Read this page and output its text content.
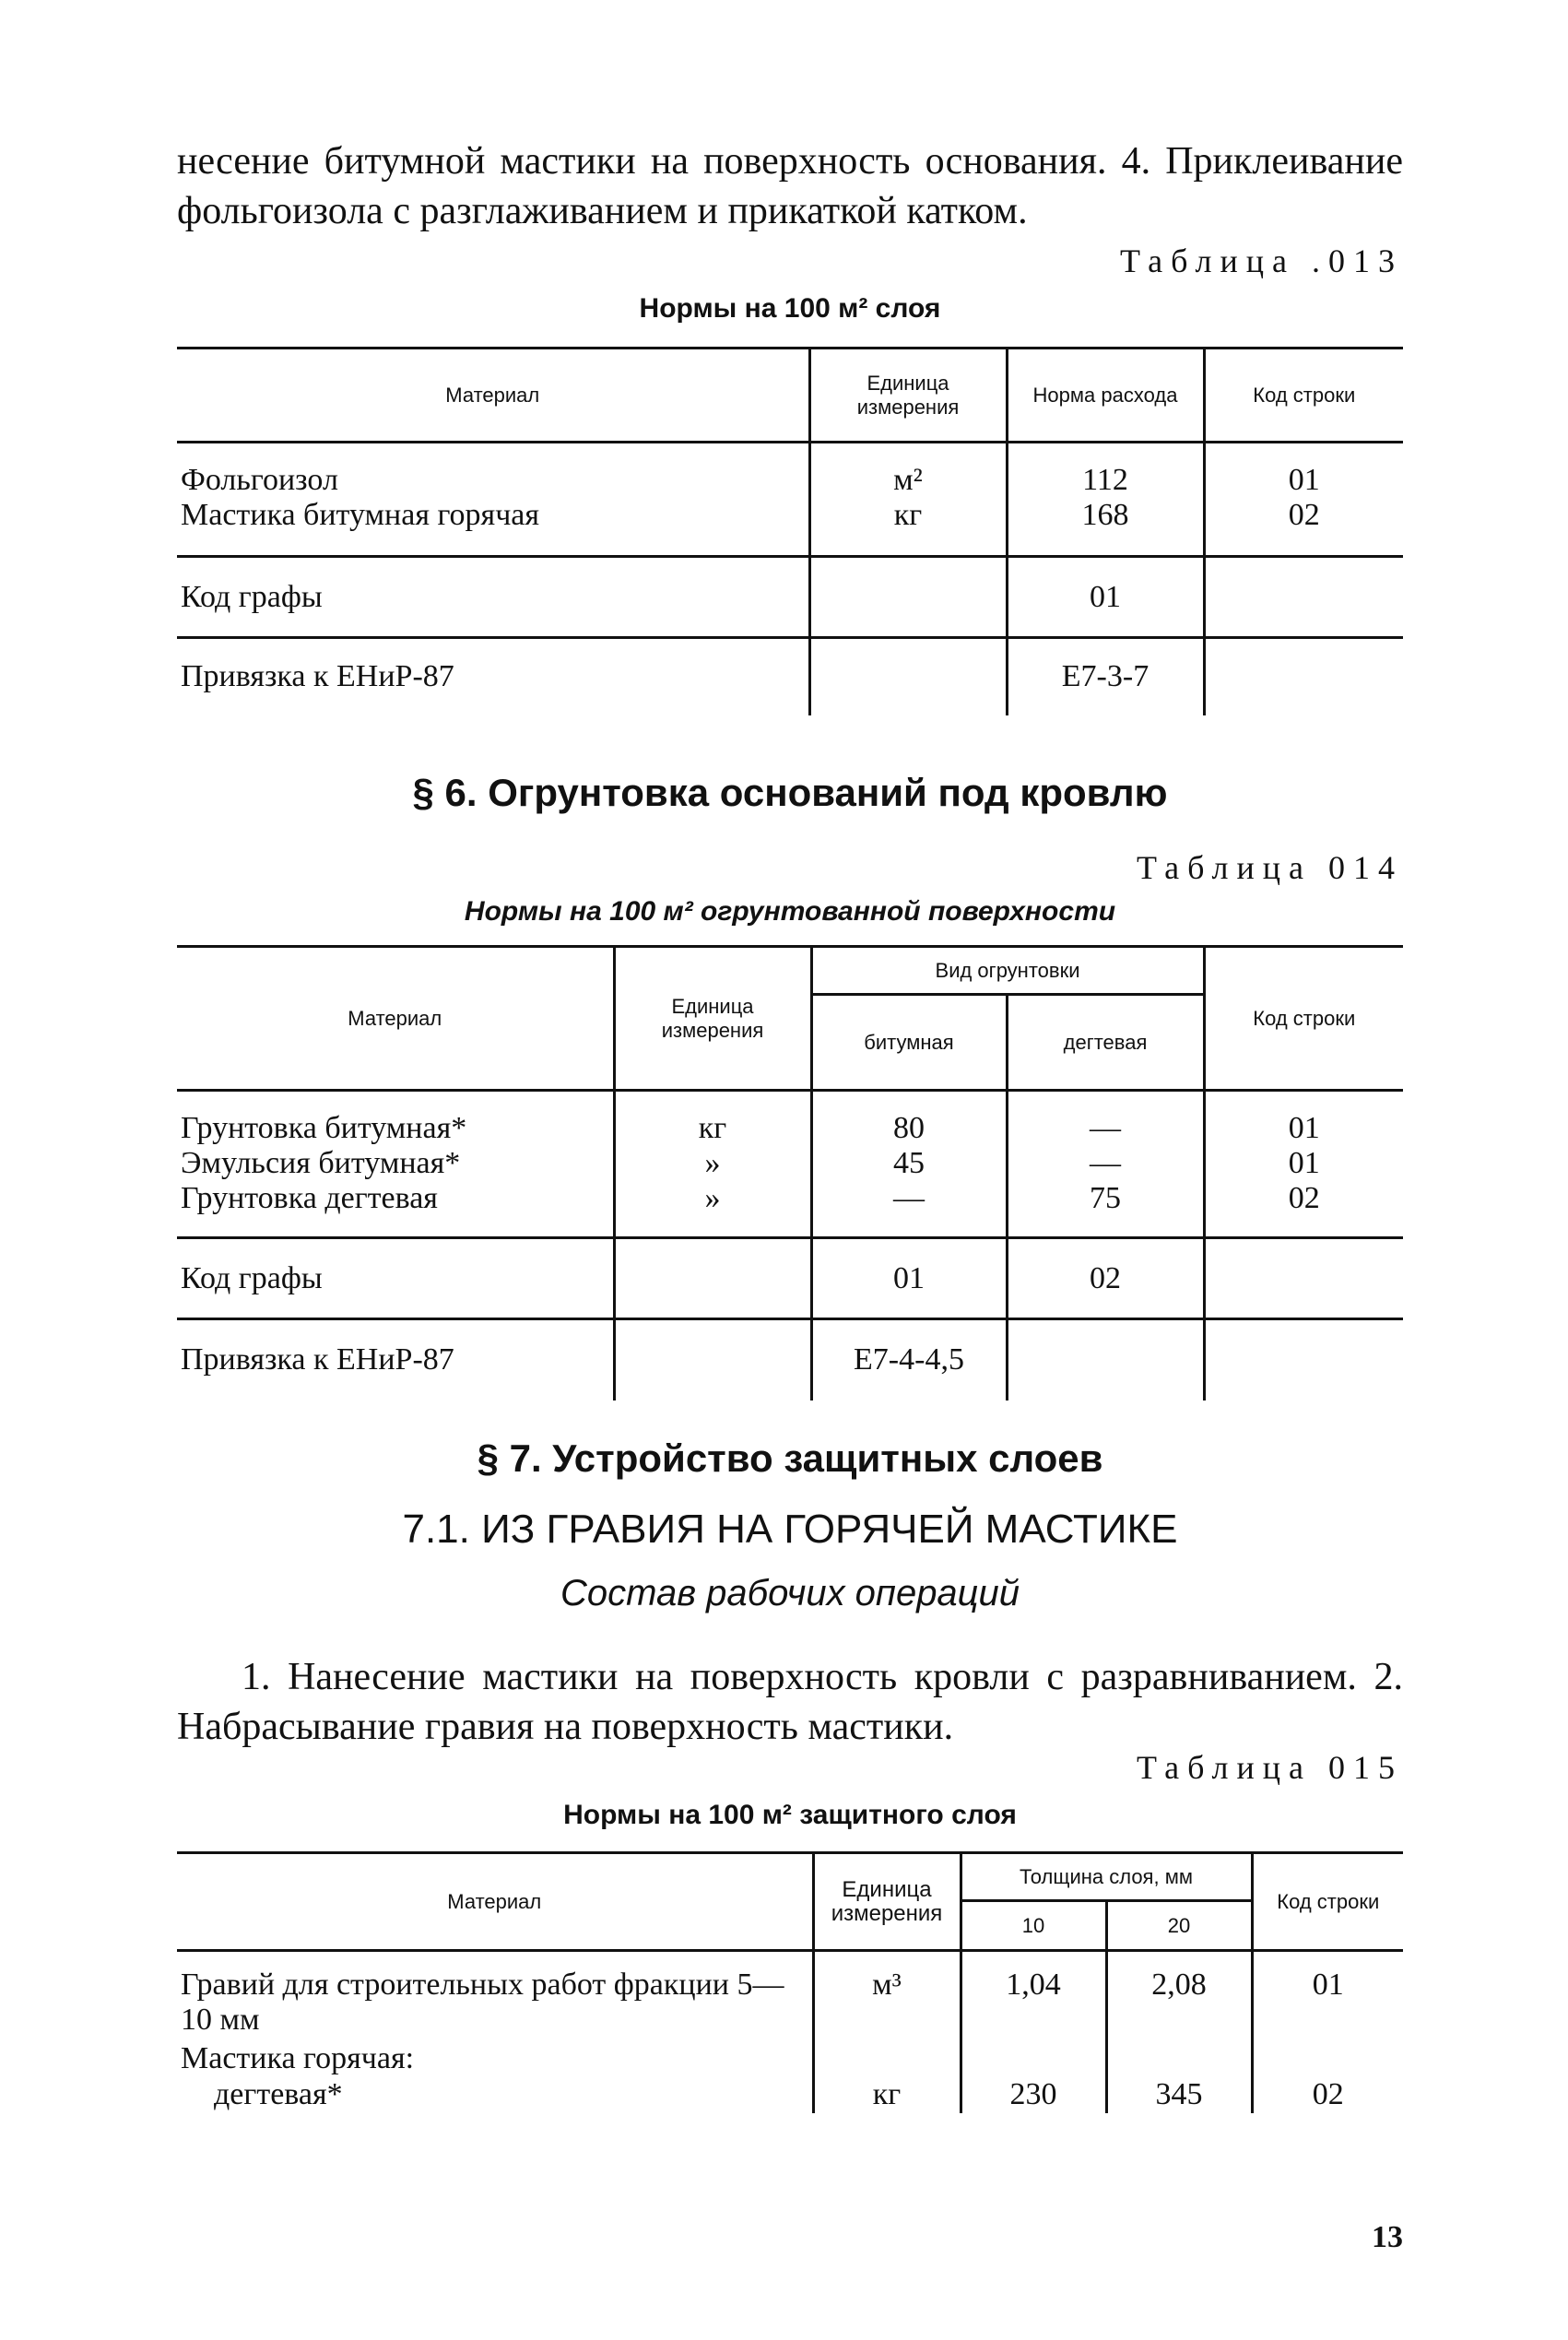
несение битумной мастики на поверхность основания. 4. Приклеивание фольгоизола с разглаживанием и прикаткой катком.

Таблица .013
Нормы на 100 м² слоя
Материал	Единица измерения	Норма расхода	Код строки

Фольгоизол	м²	112	01
Мастика битумная горячая	кг	168	02

Код графы		01	
Привязка к ЕНиР-87		Е7-3-7	
§ 6. Огрунтовка оснований под кровлю
Таблица 014
Нормы на 100 м² огрунтованной поверхности
Материал	Единица измерения	Вид огрунтовки		Код строки
		битумная	дегтевая	

Грунтовка битумная*	кг	80	—	01
Эмульсия битумная*	»	45	—	01
Грунтовка дегтевая	»	—	75	02

Код графы		01	02	
Привязка к ЕНиР-87		Е7-4-4,5		
§ 7. Устройство защитных слоев
7.1. ИЗ ГРАВИЯ НА ГОРЯЧЕЙ МАСТИКЕ
Состав рабочих операций

1. Нанесение мастики на поверхность кровли с разравниванием. 2. Набрасывание гравия на поверхность мастики.

Таблица 015
Нормы на 100 м² защитного слоя
Материал	Единица измерения	Толщина слоя, мм		Код строки
		10	20	

Гравий для строительных работ фракции 5—10 мм	м³	1,04	2,08	01
Мастика горячая:				
дегтевая*	кг	230	345	02
13
